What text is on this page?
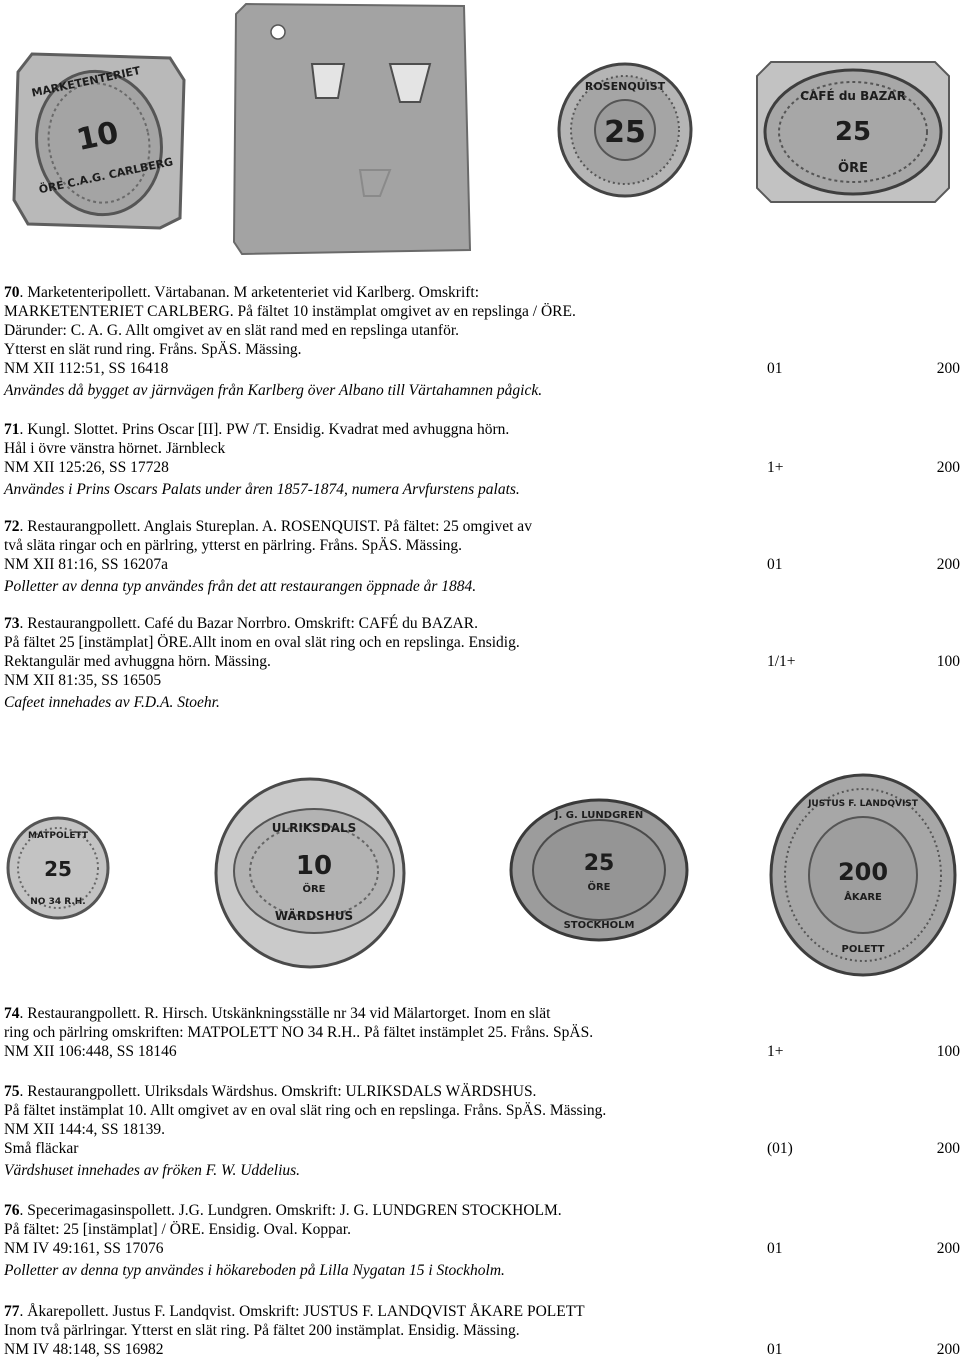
MARKETENTERIET
10
ÖRE C.A.G. CARLBERG
ROSENQUIST
25
CAFÉ du BAZAR
25
ÖRE
70. Marketenteripollett. Värtabanan. M arketenteriet vid Karlberg. Omskrift:
MARKETENTERIET CARLBERG. På fältet 10 instämplat omgivet av en repslinga / ÖRE.
Därunder: C. A. G. Allt omgivet av en slät rand med en repslinga utanför.
Ytterst en slät rund ring. Fråns. SpÄS. Mässing.
NM XII 112:51, SS 16418	01	200
Användes då bygget av järnvägen från Karlberg över Albano till Värtahamnen pågick.
71. Kungl. Slottet. Prins Oscar [II]. PW /T. Ensidig. Kvadrat med avhuggna hörn.
Hål i övre vänstra hörnet. Järnbleck
NM XII 125:26, SS 17728	1+	200
Användes i Prins Oscars Palats under åren 1857-1874, numera Arvfurstens palats.
72. Restaurangpollett. Anglais Stureplan. A. ROSENQUIST. På fältet: 25 omgivet av
två släta ringar och en pärlring, ytterst en pärlring. Fråns. SpÄS. Mässing.
NM XII 81:16, SS 16207a	01	200
Polletter av denna typ användes från det att restaurangen öppnade år 1884.
73. Restaurangpollett. Café du Bazar Norrbro. Omskrift: CAFÉ du BAZAR.
På fältet 25 [instämplat] ÖRE.Allt inom en oval slät ring och en repslinga. Ensidig.
Rektangulär med avhuggna hörn. Mässing.	1/1+	100
NM XII 81:35, SS 16505
Cafeet innehades av F.D.A. Stoehr.
MATPOLETT
25
NO 34 R.H.
ULRIKSDALS
10
ÖRE
WÄRDSHUS
J. G. LUNDGREN
25
ÖRE
STOCKHOLM
JUSTUS F. LANDQVIST
200
ÅKARE
POLETT
74. Restaurangpollett. R. Hirsch. Utskänkningsställe nr 34 vid Mälartorget. Inom en slät
ring och pärlring omskriften: MATPOLETT NO 34 R.H.. På fältet instämplet 25. Fråns. SpÄS.
NM XII 106:448, SS 18146	1+	100
75. Restaurangpollett. Ulriksdals Wärdshus. Omskrift: ULRIKSDALS WÄRDSHUS.
På fältet instämplat 10. Allt omgivet av en oval slät ring och en repslinga. Fråns. SpÄS. Mässing.
NM XII 144:4, SS 18139.
Små fläckar	(01)	200
Värdshuset innehades av fröken F. W. Uddelius.
76. Specerimagasinspollett. J.G. Lundgren. Omskrift: J. G. LUNDGREN STOCKHOLM.
På fältet: 25 [instämplat] / ÖRE. Ensidig. Oval. Koppar.
NM IV 49:161, SS 17076	01	200
Polletter av denna typ användes i hökareboden på Lilla Nygatan 15 i Stockholm.
77. Åkarepollett. Justus F. Landqvist. Omskrift: JUSTUS F. LANDQVIST ÅKARE POLETT
Inom två pärlringar. Ytterst en slät ring. På fältet 200 instämplat. Ensidig. Mässing.
NM IV 48:148, SS 16982	01	200
